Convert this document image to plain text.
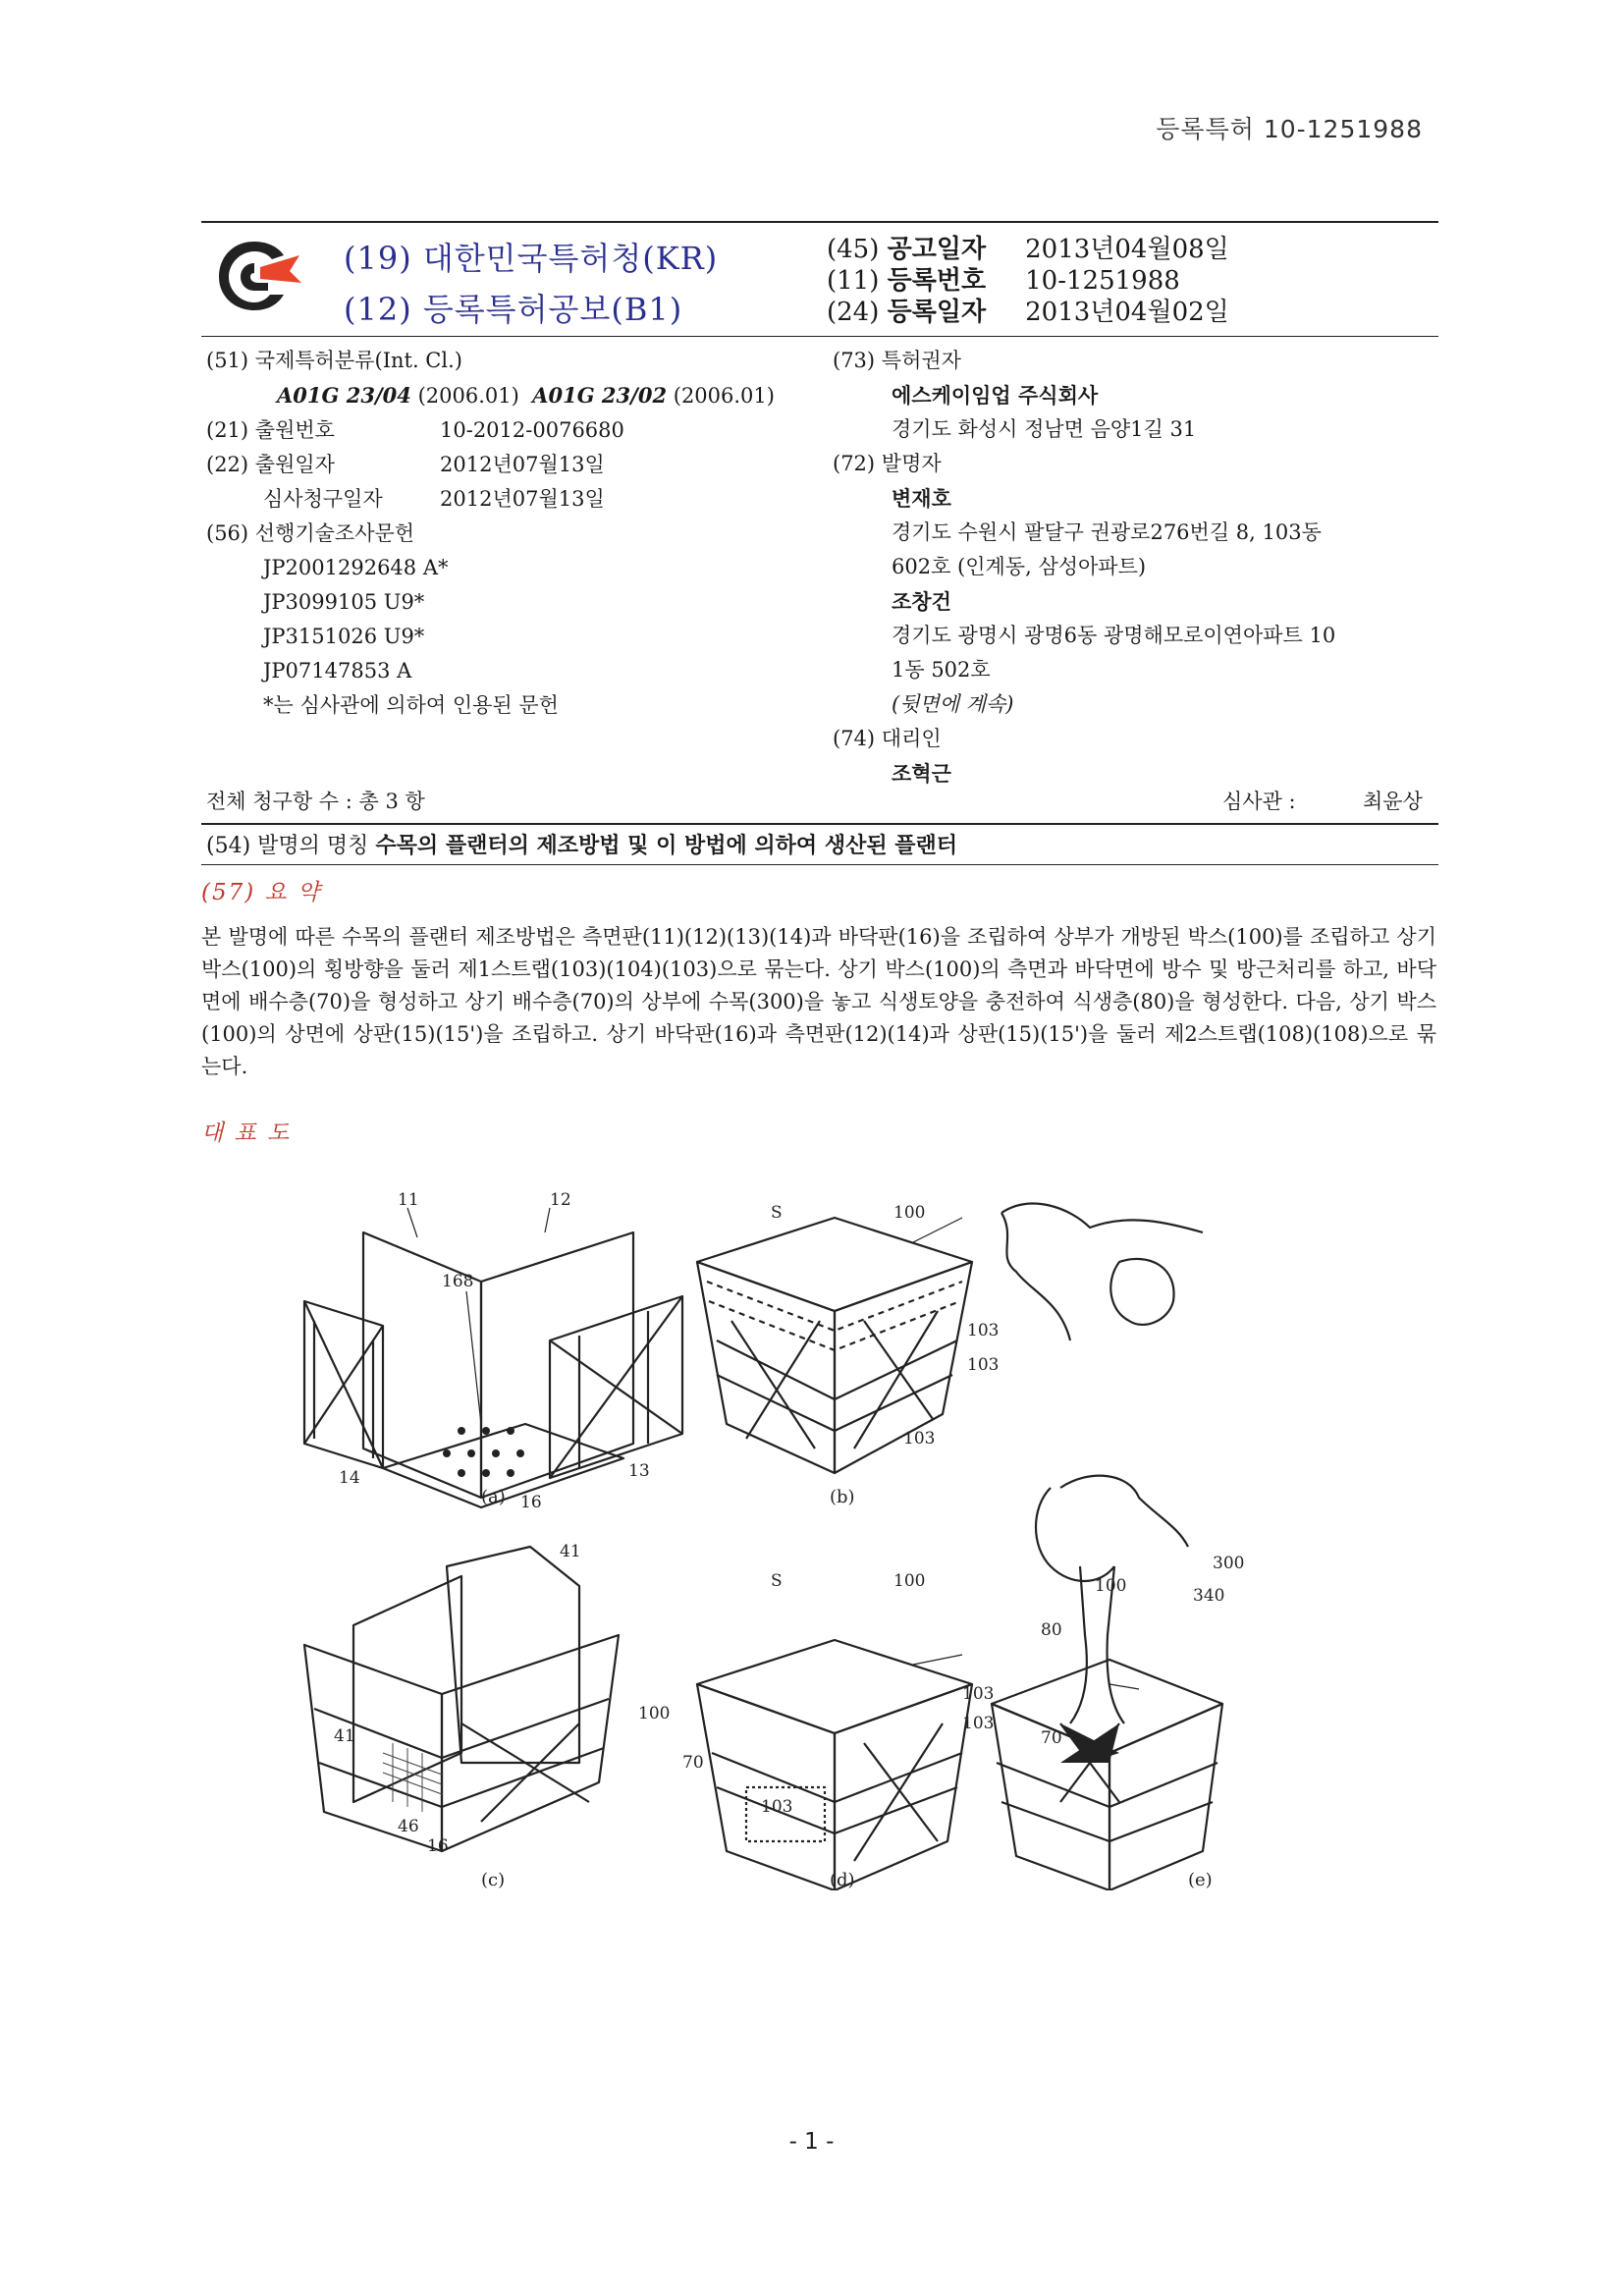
등록특허 10-1251988
(19) 대한민국특허청(KR)
(12) 등록특허공보(B1)
(45) 공고일자 2013년04월08일
(11) 등록번호 10-1251988
(24) 등록일자 2013년04월02일
(51) 국제특허분류(Int. Cl.)
A01G 23/04 (2006.01) A01G 23/02 (2006.01)
(21) 출원번호	10-2012-0076680
(22) 출원일자	2012년07월13일
심사청구일자	2012년07월13일
(56) 선행기술조사문헌
JP2001292648 A*
JP3099105 U9*
JP3151026 U9*
JP07147853 A
*는 심사관에 의하여 인용된 문헌
(73) 특허권자
에스케이임업 주식회사
경기도 화성시 정남면 음양1길 31
(72) 발명자
변재호
경기도 수원시 팔달구 권광로276번길 8, 103동
602호 (인계동, 삼성아파트)
조창건
경기도 광명시 광명6동 광명해모로이연아파트 10
1동 502호
(뒷면에 계속)
(74) 대리인
조혁근
전체 청구항 수 : 총 3 항	심사관 :	최윤상
(54) 발명의 명칭 수목의 플랜터의 제조방법 및 이 방법에 의하여 생산된 플랜터
(57) 요 약

본 발명에 따른 수목의 플랜터 제조방법은 측면판(11)(12)(13)(14)과 바닥판(16)을 조립하여 상부가 개방된 박스(100)를 조립하고 상기 박스(100)의 횡방향을 둘러 제1스트랩(103)(104)(103)으로 묶는다. 상기 박스(100)의 측면과 바닥면에 방수 및 방근처리를 하고, 바닥면에 배수층(70)을 형성하고 상기 배수층(70)의 상부에 수목(300)을 놓고 식생토양을 충전하여 식생층(80)을 형성한다. 다음, 상기 박스(100)의 상면에 상판(15)(15')을 조립하고. 상기 바닥판(16)과 측면판(12)(14)과 상판(15)(15')을 둘러 제2스트랩(108)(108)으로 묶는다.

대 표 도
11	12
168
14
16
13
S	100
103
103
103
41
41
100
46
16
S	100
103
103
70
103
300
100	340
80
70
(a)	(b)
(c)	(d)	(e)
- 1 -
